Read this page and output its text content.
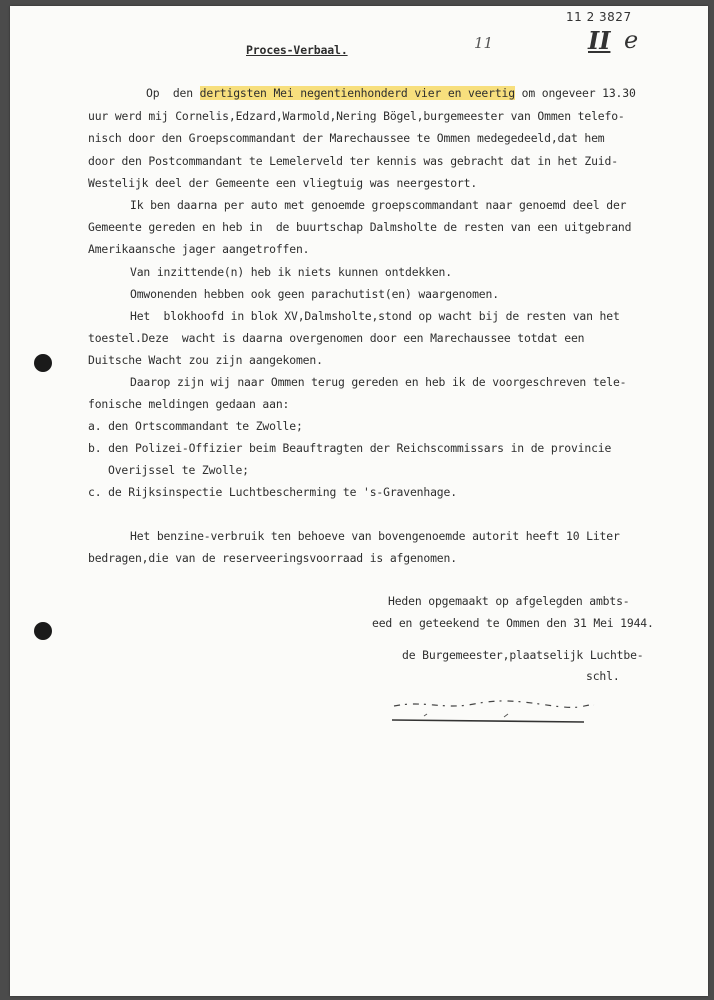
11 2 3827
II e
11
Proces-Verbaal.
Op  den dertigsten Mei negentienhonderd vier en veertig om ongeveer 13.30
uur werd mij Cornelis,Edzard,Warmold,Nering Bögel,burgemeester van Ommen telefo-
nisch door den Groepscommandant der Marechaussee te Ommen medegedeeld,dat hem
door den Postcommandant te Lemelerveld ter kennis was gebracht dat in het Zuid-
Westelijk deel der Gemeente een vliegtuig was neergestort.
Ik ben daarna per auto met genoemde groepscommandant naar genoemd deel der
Gemeente gereden en heb in  de buurtschap Dalmsholte de resten van een uitgebrand
Amerikaansche jager aangetroffen.
Van inzittende(n) heb ik niets kunnen ontdekken.
Omwonenden hebben ook geen parachutist(en) waargenomen.
Het  blokhoofd in blok XV,Dalmsholte,stond op wacht bij de resten van het
toestel.Deze  wacht is daarna overgenomen door een Marechaussee totdat een
Duitsche Wacht zou zijn aangekomen.
Daarop zijn wij naar Ommen terug gereden en heb ik de voorgeschreven tele-
fonische meldingen gedaan aan:
a. den Ortscommandant te Zwolle;
b. den Polizei-Offizier beim Beauftragten der Reichscommissars in de provincie
Overijssel te Zwolle;
c. de Rijksinspectie Luchtbescherming te 's-Gravenhage.
Het benzine-verbruik ten behoeve van bovengenoemde autorit heeft 10 Liter
bedragen,die van de reserveeringsvoorraad is afgenomen.
Heden opgemaakt op afgelegden ambts-
eed en geteekend te Ommen den 31 Mei 1944.
de Burgemeester,plaatselijk Luchtbe-
schl.
